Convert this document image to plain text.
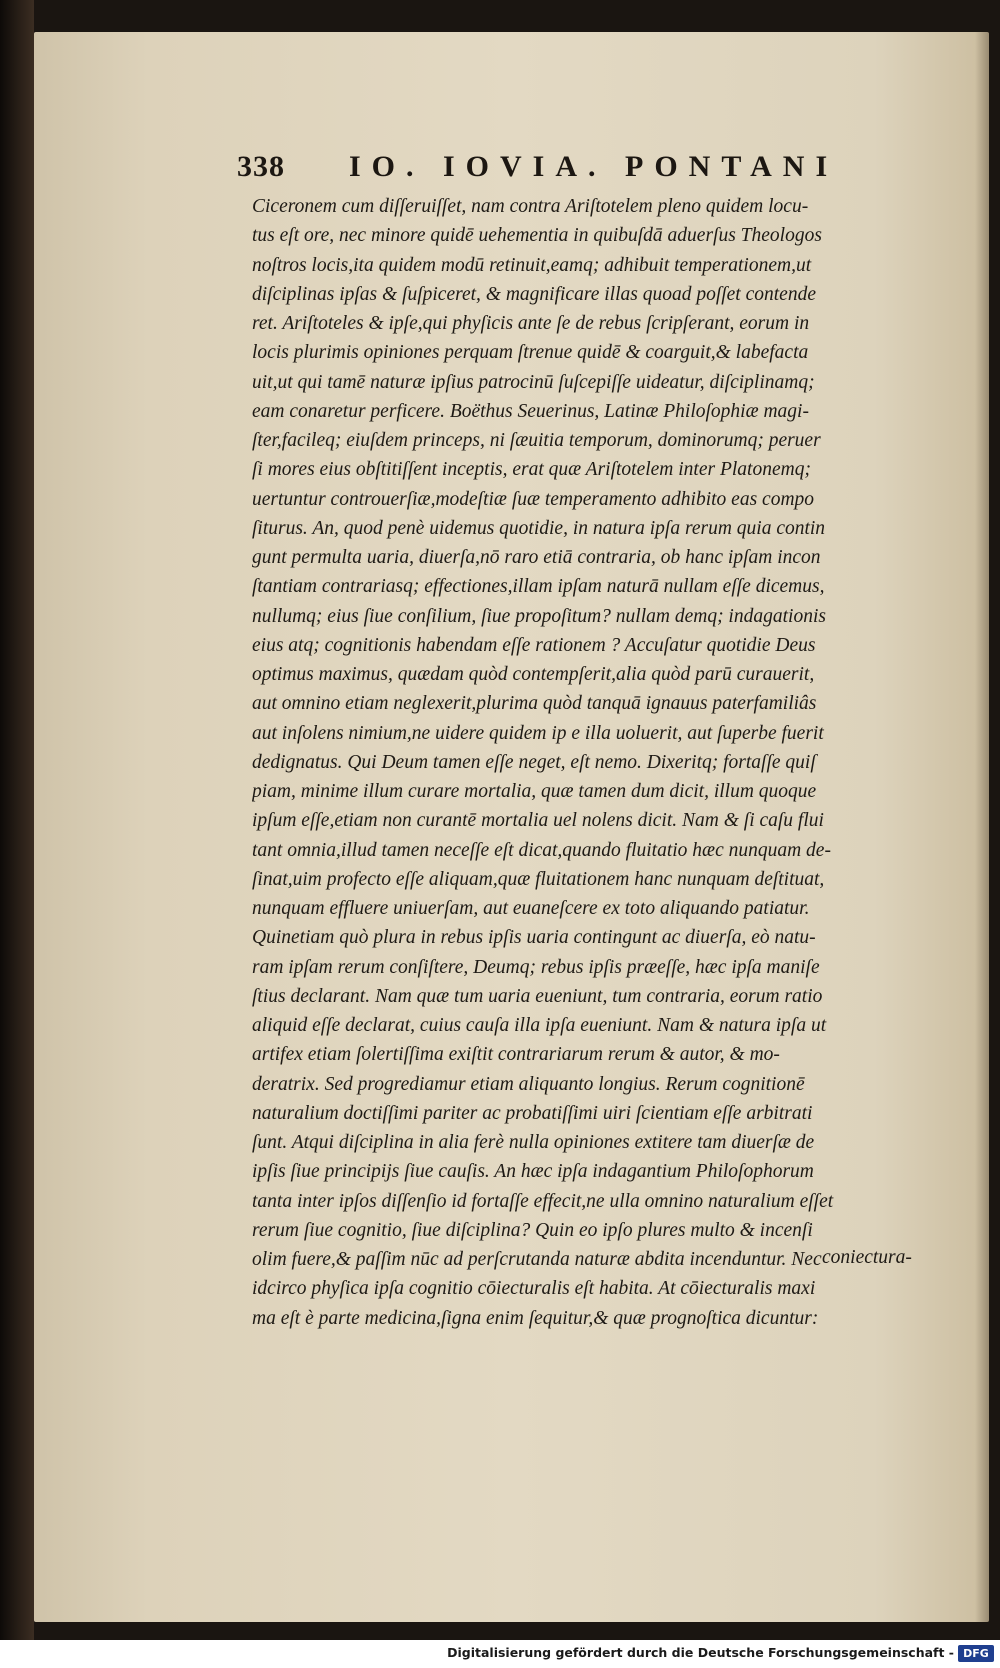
338 IO. IOVIA. PONTANI
Ciceronem cum diſſeruiſſet, nam contra Ariſtotelem pleno quidem locu-
tus eſt ore, nec minore quidē uehementia in quibuſdā aduerſus Theologos
noſtros locis,ita quidem modū retinuit,eamq; adhibuit temperationem,ut
diſciplinas ipſas & ſuſpiceret, & magnificare illas quoad poſſet contende
ret. Ariſtoteles & ipſe,qui phyſicis ante ſe de rebus ſcripſerant, eorum in
locis plurimis opiniones perquam ſtrenue quidē & coarguit,& labefacta
uit,ut qui tamē naturæ ipſius patrocinū ſuſcepiſſe uideatur, diſciplinamq;
eam conaretur perficere. Boëthus Seuerinus, Latinæ Philoſophiæ magi-
ſter,facileq; eiuſdem princeps, ni ſæuitia temporum, dominorumq; peruer
ſi mores eius obſtitiſſent inceptis, erat quæ Ariſtotelem inter Platonemq;
uertuntur controuerſiæ,modeſtiæ ſuæ temperamento adhibito eas compo
ſiturus. An, quod penè uidemus quotidie, in natura ipſa rerum quia contin
gunt permulta uaria, diuerſa,nō raro etiā contraria, ob hanc ipſam incon
ſtantiam contrariasq; effectiones,illam ipſam naturā nullam eſſe dicemus,
nullumq; eius ſiue conſilium, ſiue propoſitum? nullam demq; indagationis
eius atq; cognitionis habendam eſſe rationem ? Accuſatur quotidie Deus
optimus maximus, quædam quòd contempſerit,alia quòd parū curauerit,
aut omnino etiam neglexerit,plurima quòd tanquā ignauus paterfamiliâs
aut inſolens nimium,ne uidere quidem ip e illa uoluerit, aut ſuperbe fuerit
dedignatus. Qui Deum tamen eſſe neget, eſt nemo. Dixeritq; fortaſſe quiſ
piam, minime illum curare mortalia, quæ tamen dum dicit, illum quoque
ipſum eſſe,etiam non curantē mortalia uel nolens dicit. Nam & ſi caſu flui
tant omnia,illud tamen neceſſe eſt dicat,quando fluitatio hæc nunquam de-
ſinat,uim profecto eſſe aliquam,quæ fluitationem hanc nunquam deſtituat,
nunquam effluere uniuerſam, aut euaneſcere ex toto aliquando patiatur.
Quinetiam quò plura in rebus ipſis uaria contingunt ac diuerſa, eò natu-
ram ipſam rerum conſiſtere, Deumq; rebus ipſis præeſſe, hæc ipſa maniſe
ſtius declarant. Nam quæ tum uaria eueniunt, tum contraria, eorum ratio
aliquid eſſe declarat, cuius cauſa illa ipſa eueniunt. Nam & natura ipſa ut
artifex etiam ſolertiſſima exiſtit contrariarum rerum & autor, & mo-
deratrix. Sed progrediamur etiam aliquanto longius. Rerum cognitionē
naturalium doctiſſimi pariter ac probatiſſimi uiri ſcientiam eſſe arbitrati
ſunt. Atqui diſciplina in alia ferè nulla opiniones extitere tam diuerſæ de
ipſis ſiue principijs ſiue cauſis. An hæc ipſa indagantium Philoſophorum
tanta inter ipſos diſſenſio id fortaſſe effecit,ne ulla omnino naturalium eſſet
rerum ſiue cognitio, ſiue diſciplina? Quin eo ipſo plures multo & incenſi
olim fuere,& paſſim nūc ad perſcrutanda naturæ abdita incenduntur. Nec
idcirco phyſica ipſa cognitio cōiecturalis eſt habita. At cōiecturalis maxi
ma eſt è parte medicina,ſigna enim ſequitur,& quæ prognoſtica dicuntur:
coniectura-
Digitalisierung gefördert durch die Deutsche Forschungsgemeinschaft - DFG
